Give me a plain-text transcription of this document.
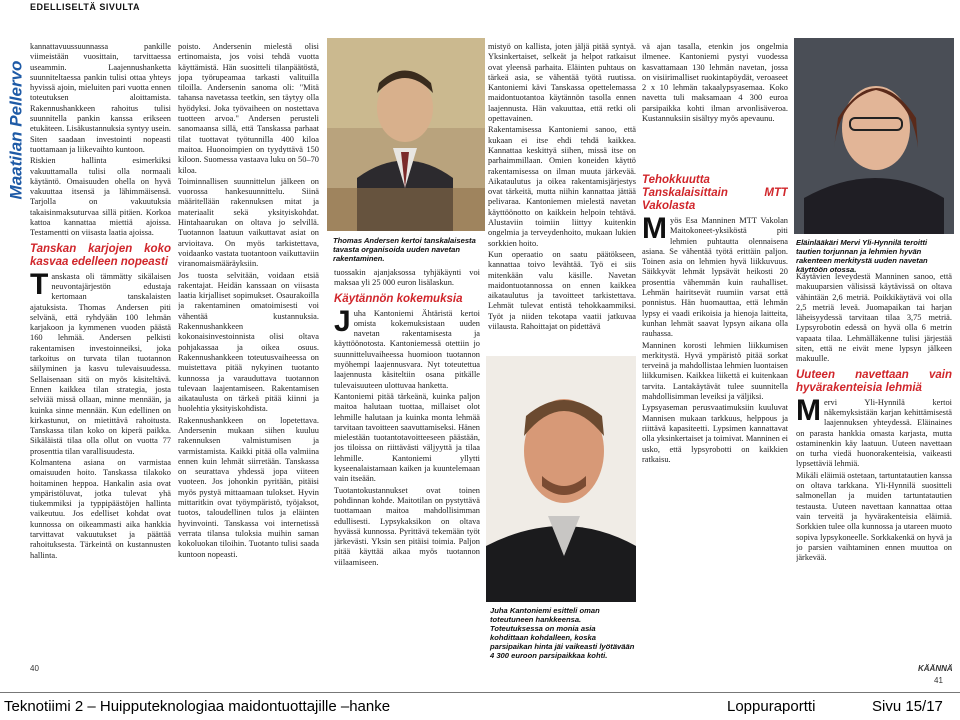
EDELLISELTÄ SIVULTA
Maatilan Pellervo

kannattavuussuunnassa pankille viimeistään vuosittain, tarvittaessa useammin. Laajennushanketta suunniteltaessa pankin tulisi ottaa yhteys hyvissä ajoin, mieluiten pari vuotta ennen toteutuksen aloittamista. Rakennushankkeen rahoitus tulisi suunnitella pankin kanssa erikseen etukäteen. Lisäkustannuksia syntyy usein. Siten saadaan investointi nopeasti tuottamaan ja liikevaihto kuntoon.

Riskien hallinta esimerkiksi vakuuttamalla tulisi olla normaali käytäntö. Omaisuuden ohella on hyvä vakuuttaa itsensä ja lähimmäisensä. Tarjolla on vakuutuksia takaisinmaksuturvaa sillä pitäen. Korkoa kattoa kannattaa miettiä ajoissa. Testamentti on viisasta laatia ajoissa.

Tanskan karjojen koko kasvaa edelleen nopeasti

Tanskasta oli tämmätty sikälaisen neuvontajärjestön edustaja kertomaan tanskalaisten ajatuksista. Thomas Andersen piti selvänä, että ryhdyään 100 lehmän karjakoon ja kymmenen vuoden päästä 160 lehmää. Andersen pelkisti rakentamisen investoinneiksi, joka tarkoitus on turvata tilan tuotannon säilyminen ja kasvu tulevaisuudessa. Sellaisenaan sitä on myös käsiteltävä. Ennen kaikkea tilan strategia, josta selviää missä ollaan, minne mennään, ja kuinka sinne mennään. Kun edellinen on kirkastunut, on mietittävä rahoitusta. Tanskassa tilan koko on kiperä paikka. Sikäläistä tilaa olla ollut on vuotta 77 prosenttia tilan varallisuudesta.

Kolmantena asiana on varmistaa omaisuuden hoito. Tanskassa tilakoko hoitaminen heppoa. Hankalin asia ovat ympäristöluvat, jotka tulevat yhä tiukemmiksi ja typpipäästöjen hallinta vaikeutuu. Jos edelliset kohdat ovat kunnossa on oikeammasti aika hankkia tarvittavat vakuutukset ja päättää rahoituksesta. Tärkeintä on kustannusten hallinta.

40

poisto. Andersenin mielestä olisi ertinomaista, jos voisi tehdä vuotta käyttämistä. Hän suositteli tilanpäätöstä, jopa työrupeamaa tarkasti valituilla tiloilla. Andersenin sanoma oli: "Mitä tahansa navetassa teetkin, sen täytyy olla hyödyksi. Joka työvaiheen on nostettava tuotteen arvoa." Andersen perusteli sanomaansa sillä, että Tanskassa parhaat tilat tuottavat työtunnilla 400 kiloa maitoa. Huonoimpien on tyydyttävä 150 kiloon. Suomessa vastaava luku on 50–70 kiloa.

Toiminnallisen suunnittelun jälkeen on vuorossa hankesuunnittelu. Siinä määritellään rakennuksen mitat ja materiaalit sekä yksityiskohdat. Hintahaarukan on oltava jo selvillä. Tuotannon laatuun vaikuttavat asiat on arvioitava. On myös tarkistettava, voidaanko vastata tuotantoon vaikuttaviin viranomaismääräyksiin.

Jos tuosta selvitään, voidaan etsiä rakentajat. Heidän kanssaan on viisasta laatia kirjalliset sopimukset. Osaurakoilla ja rakentaminen omatoimisesti voi vähentää kustannuksia. Rakennushankkeen kokonaisinvestoinnista olisi oltava pohjakassaa ja oikea osuus. Rakennushankkeen toteutusvaiheessa on muistettava pitää nykyinen tuotanto kunnossa ja varauduttava tuotannon tulevaan laajentamiseen. Rakentamisen aikataulusta on tärkeä pitää kiinni ja huolehtia yksityiskohdista.

Rakennushankkeen on lopetettava. Andersenin mukaan siihen kuuluu rakennuksen valmistumisen ja varmistamista. Kaikki pitää olla valmiina ennen kuin lehmät siirretään. Tanskassa on seurattava yhdessä jopa viiteen vuoteen. Jos johonkin pyritään, pitäisi myös pystyä mittaamaan tulokset. Hyvin mittaritkin ovat työympäristö, työjaksot, tuotos, taloudellinen tulos ja eläinten hyvinvointi. Tanskassa voi internetissä verrata tilansa tuloksia muihin saman kokoluokan tiloihin. Tuotanto tulisi saada kuntoon nopeasti.

Thomas Andersen kertoi tanskalaisesta tavasta organisoida uuden navetan rakentaminen.

tuossakin ajanjaksossa tyhjäkäynti voi maksaa yli 25 000 euron lisälaskun.

Käytännön kokemuksia

Juha Kantoniemi Ähtäristä kertoi omista kokemuksistaan uuden navetan rakentamisesta ja käyttöönotosta. Kantoniemessä otettiin jo suunnitteluvaiheessa huomioon tuotannon myöhempi laajennusvara. Nyt toteutettua laajennusta käsiteltiin osana pitkälle tulevaisuuteen ulottuvaa hanketta.

Kantoniemi pitää tärkeänä, kuinka paljon maitoa halutaan tuottaa, millaiset olot lehmille halutaan ja kuinka monta lehmää tarvitaan tavoitteen saavuttamiseksi. Hänen mielestään tuotantotavoitteeseen päästään, jos tiloissa on riittävästi väljyyttä ja tilaa lehmille. Kantoniemi yllytti kyseenalaistamaan kaiken ja kuuntelemaan vain itseään.

Tuotantokustannukset ovat toinen pohdinnan kohde. Maitotilan on pystyttävä tuottamaan maitoa mahdollisimman edullisesti. Lypsykaksikon on oltava hyvässä kunnossa. Pyrittävä tekemään työt järkevästi. Yksin sen pitäisi toimia. Paljon pitää käyttää aikaa myös tuotannon viilaamiseen.

mistyö on kallista, joten jäljä pitää syntyä. Yksinkertaiset, selkeät ja helpot ratkaisut ovat yleensä parhaita. Eläinten puhtaus on tärkeä asia, se vähentää työtä ruutissa. Kantoniemi kävi Tanskassa opettelemassa maidontuotantoa käytännön tasolla ennen laajennusta. Hän vakuuttaa, että retki oli opettavainen.

Rakentamisessa Kantoniemi sanoo, että kukaan ei itse ehdi tehdä kaikkea. Kannattaa keskittyä siihen, missä itse on parhaimmillaan. Omien koneiden käyttö rakentamisessa on ilman muuta järkevää. Aikataulutus ja oikea rakentamisjärjestys ovat tärkeitä, mutta niihin kannattaa jättää pelivaraa. Kantoniemen mielestä navetan käyttöönotto on kaikkein helpoin tehtävä. Alustaviin toimiin liittyy kuitenkin ongelmia ja terveydenhoito, mukaan lukien sorkkien hoito.

Kun operaatio on saatu päätökseen, kannattaa toivo levähtää. Työ ei siis mitenkään valu käsille. Navetan maidontuotannossa on ennen kaikkea aikataulutus ja tavoitteet tarkistettava. Lehmät tulevat entistä tehokkaammiksi. Työt ja niiden tekotapa vaatii jatkuvaa viilausta. Rahoittajat on pidettävä

Juha Kantoniemi esitteli oman toteutuneen hankkeensa. Toteutuksessa on monia asia kohdittaan kohdalleen, koska parsipaikan hinta jäi vaikeasti lyötävään 4 300 euroon parsipaikkaa kohti.
Tehokkuutta Tanskalaisittain MTT Vakolasta

Myös Esa Manninen MTT Vakolan Maitokoneet-yksiköstä piti lehmien puhtautta olennaisena asiana. Se vähentää työtä erittäin paljon. Toinen asia on lehmien hyvä liikkuvuus. Säikkyvät lehmät lypsävät heikosti 20 prosenttia vähemmän kuin rauhalliset. Lehmän hairitsevät ruumiin varsat että ponnistus. Hän huomauttaa, että lehmän lypsy ei vaadi erikoisia ja hienoja laitteita, kunhan lehmät saavat lypsyn aikana olla rauhassa.

Manninen korosti lehmien liikkumisen merkitystä. Hyvä ympäristö pitää sorkat terveinä ja mahdollistaa lehmien luontaisen liikkumisen. Kaikkea liikettä ei kuitenkaan tarvita. Lantakäytävät tulee suunnitella mahdollisimman leveiksi ja väljiksi.

Lypsyaseman perusvaatimuksiin kuuluvat Mannisen mukaan tarkkuus, helppous ja riittävä kapasiteetti. Lypsimen kannattavat olla yksinkertaiset ja toimivat. Manninen ei usko, että lypsyrobotti on kaikkien ratkaisu.

vä ajan tasalla, etenkin jos ongelmia ilmenee. Kantoniemi pystyi vuodessa kasvattamaan 130 lehmän navetan, jossa on visiirimalliset ruokintapöydät, veroaseet 2 x 10 lehmän takaalypsyasemaa. Koko navetta tuli maksamaan 4 300 euroa parsipaikka kohti ilman arvonlisäveroa. Kustannuksiin sisältyy myös apevaunu.

Eläinlääkäri Mervi Yli-Hynnilä teroitti tautien torjunnan ja lehmien hyvän rakenteen merkitystä uuden navetan käyttöön otossa.

Käytävien leveydestä Manninen sanoo, että makuuparsien välisissä käytävissä on oltava vähintään 2,6 metriä. Poikkikäytävä voi olla 2,5 metriä leveä. Juomapaikan tai harjan läheisyydessä tarvitaan tilaa 3,75 metriä. Lypsyrobotin edessä on hyvä olla 6 metrin vapaata tilaa. Lehmälläkenne tulisi järjestää siten, että ne eivät mene lypsyn jälkeen makuulle.

Uuteen navettaan vain hyvärakenteisia lehmiä

Mervi Yli-Hynnilä kertoi näkemyksistään karjan kehittämisestä laajennuksen yhteydessä. Eläinaines on parasta hankkia omasta karjasta, mutta ostaminenkin käy laatuun. Uuteen navettaan on turha viedä huonorakenteisia, vaikeasti lypsettäviä lehmiä.

Mikäli eläimiä ostetaan, tartuntatautien kanssa on oltava tarkkana. Yli-Hynnilä suositteli salmonellan ja muiden tartuntatautien testausta. Uuteen navettaan kannattaa ottaa vain terveitä ja hyvärakenteisia eläimiä. Sorkkien tulee olla kunnossa ja utareen muoto sopiva lypsykoneelle. Sorkkakenkä on hyvä ja jo parsien vaihtaminen ennen muuttoa on järkevää.

KÄÄNNÄ
41
Teknotiimi 2 – Huipputeknologiaa maidontuottajille –hanke	Loppuraportti	Sivu 15/17
